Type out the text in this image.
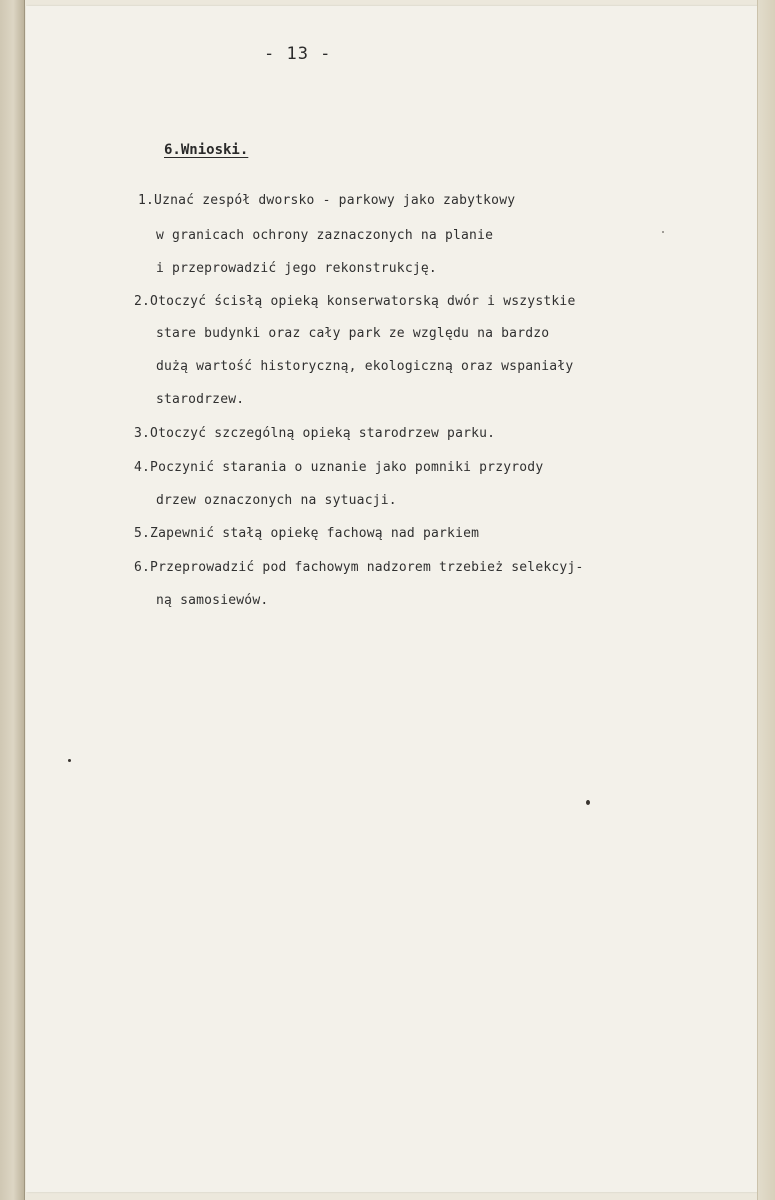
- 13 -
6.Wnioski.
1.Uznać zespół dworsko - parkowy jako zabytkowy
w granicach ochrony zaznaczonych na planie
i przeprowadzić jego rekonstrukcję.
2.Otoczyć ścisłą opieką konserwatorską dwór i wszystkie
stare budynki oraz cały park ze względu na bardzo
dużą wartość historyczną, ekologiczną oraz wspaniały
starodrzew.
3.Otoczyć szczególną opieką starodrzew parku.
4.Poczynić starania o uznanie jako pomniki przyrody
drzew oznaczonych na sytuacji.
5.Zapewnić stałą opiekę fachową nad parkiem
6.Przeprowadzić pod fachowym nadzorem trzebież selekcyj-
ną samosiewów.
